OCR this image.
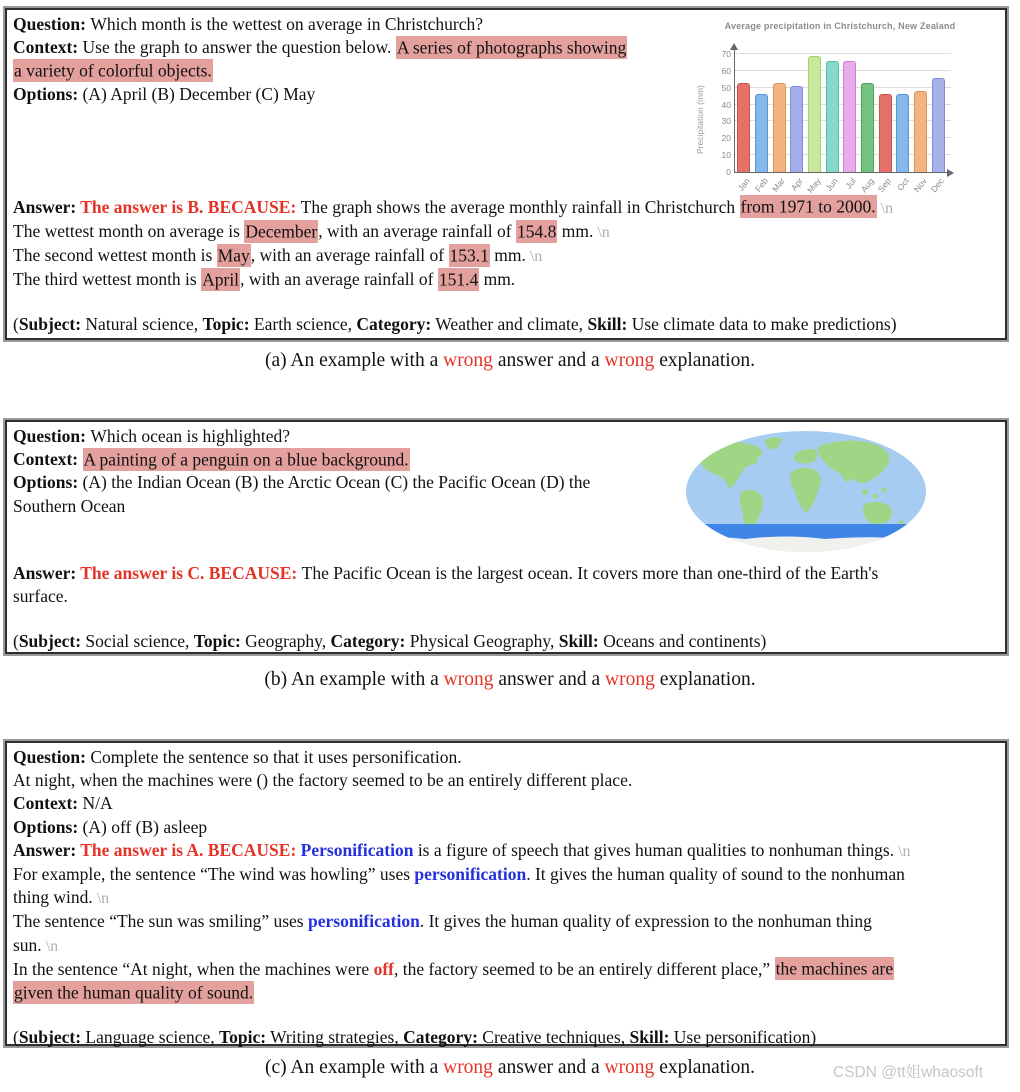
Question: Which month is the wettest on average in Christchurch?
Context: Use the graph to answer the question below. A series of photographs showing
a variety of colorful objects.
Options: (A) April (B) December (C) May
Answer: The answer is B. BECAUSE: The graph shows the average monthly rainfall in Christchurch from 1971 to 2000. \n
The wettest month on average is December, with an average rainfall of 154.8 mm. \n
The second wettest month is May, with an average rainfall of 153.1 mm. \n
The third wettest month is April, with an average rainfall of 151.4 mm.
(Subject: Natural science, Topic: Earth science, Category: Weather and climate, Skill: Use climate data to make predictions)
Average precipitation in Christchurch, New Zealand
Precipitation (mm)
0
10
20
30
40
50
60
70
Jan Feb Mar Apr May Jun Jul Aug Sep Oct Nov Dec
(a) An example with a wrong answer and a wrong explanation.
Question: Which ocean is highlighted?
Context: A painting of a penguin on a blue background.
Options: (A) the Indian Ocean (B) the Arctic Ocean (C) the Pacific Ocean (D) the
Southern Ocean
Answer: The answer is C. BECAUSE: The Pacific Ocean is the largest ocean. It covers more than one-third of the Earth's
surface.
(Subject: Social science, Topic: Geography, Category: Physical Geography, Skill: Oceans and continents)
(b) An example with a wrong answer and a wrong explanation.
Question: Complete the sentence so that it uses personification.
At night, when the machines were () the factory seemed to be an entirely different place.
Context: N/A
Options: (A) off (B) asleep
Answer: The answer is A. BECAUSE: Personification is a figure of speech that gives human qualities to nonhuman things. \n
For example, the sentence “The wind was howling” uses personification. It gives the human quality of sound to the nonhuman
thing wind. \n
The sentence “The sun was smiling” uses personification. It gives the human quality of expression to the nonhuman thing
sun. \n
In the sentence “At night, when the machines were off, the factory seemed to be an entirely different place,” the machines are
given the human quality of sound.
(Subject: Language science, Topic: Writing strategies, Category: Creative techniques, Skill: Use personification)
(c) An example with a wrong answer and a wrong explanation.	CSDN @tt姐whaosoft
